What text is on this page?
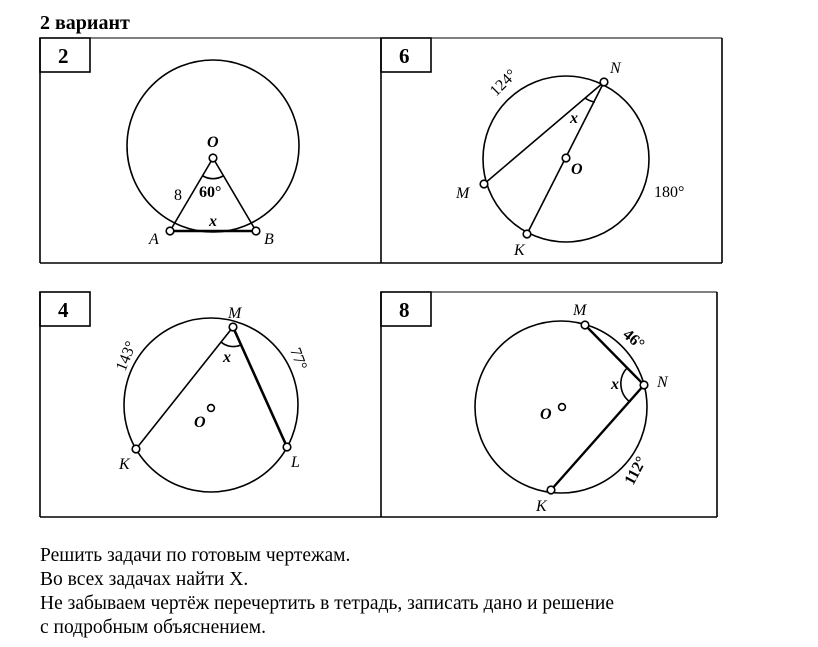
2 вариант
2
O
8 60°
x
A	B
6
N
124°
x
O
M	180°
K
4	M
143°	77°
x
O
K	L
8	M
46°
x N
O
112°
K
Решить задачи по готовым чертежам.
Во всех задачах найти X.
Не забываем чертёж перечертить в тетрадь, записать дано и решение
с подробным объяснением.
